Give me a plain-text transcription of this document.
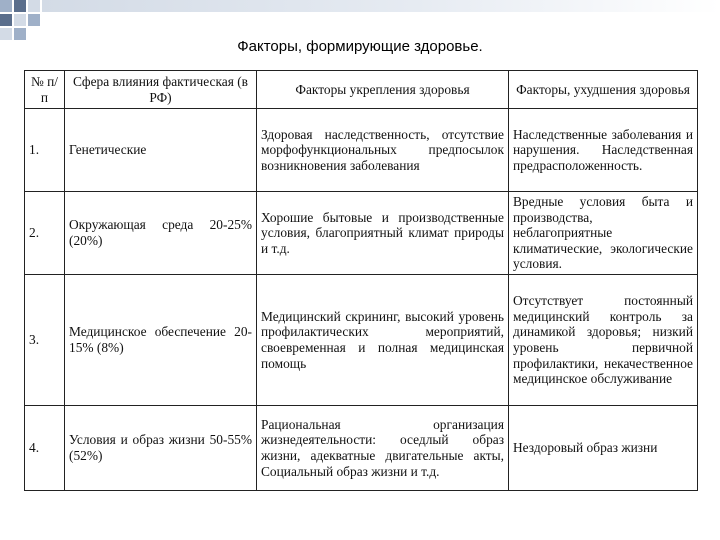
Факторы, формирующие здоровье.
№ п/п	Сфера влияния фактическая (в РФ)	Факторы укрепления здоровья	Факторы, ухудшения здоровья
1.	Генетические	Здоровая наследственность, отсутствие морфофункциональных предпосылок возникновения заболевания	Наследственные заболевания и нарушения. Наследственная предрасположенность.
2.	Окружающая среда 20-25% (20%)	Хорошие бытовые и производственные условия, благоприятный климат природы и т.д.	Вредные условия быта и производства, неблагоприятные климатические, экологические условия.
3.	Медицинское обеспечение 20-15% (8%)	Медицинский скрининг, высокий уровень профилактических мероприятий, своевременная и полная медицинская помощь	Отсутствует постоянный медицинский контроль за динамикой здоровья; низкий уровень первичной профилактики, некачественное медицинское обслуживание
4.	Условия и образ жизни 50-55% (52%)	Рациональная организация жизнедеятельности: оседлый образ жизни, адекватные двигательные акты, Социальный образ жизни и т.д.	Нездоровый образ жизни
